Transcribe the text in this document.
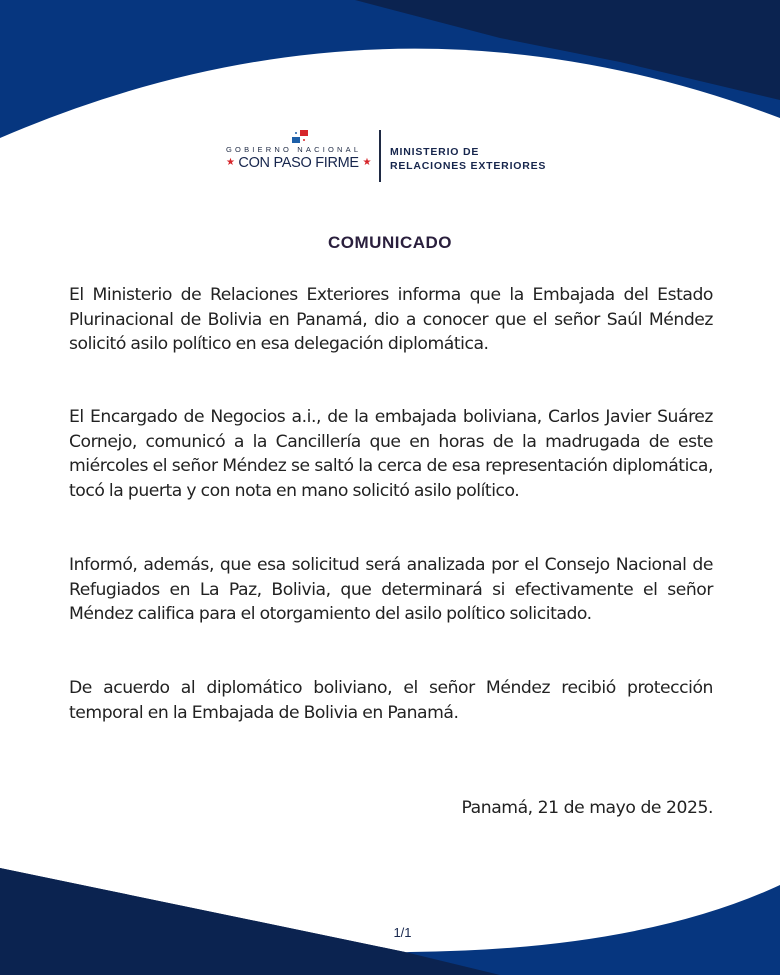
GOBIERNO NACIONAL
★ CON PASO FIRME ★
MINISTERIO DE
RELACIONES EXTERIORES
COMUNICADO
El Ministerio de Relaciones Exteriores informa que la Embajada del Estado Plurinacional de Bolivia en Panamá, dio a conocer que el señor Saúl Méndez solicitó asilo político en esa delegación diplomática.
El Encargado de Negocios a.i., de la embajada boliviana, Carlos Javier Suárez Cornejo, comunicó a la Cancillería que en horas de la madrugada de este miércoles el señor Méndez se saltó la cerca de esa representación diplomática, tocó la puerta y con nota en mano solicitó asilo político.
Informó, además, que esa solicitud será analizada por el Consejo Nacional de Refugiados en La Paz, Bolivia, que determinará si efectivamente el señor Méndez califica para el otorgamiento del asilo político solicitado.
De acuerdo al diplomático boliviano, el señor Méndez recibió protección temporal en la Embajada de Bolivia en Panamá.
Panamá, 21 de mayo de 2025.
1/1
